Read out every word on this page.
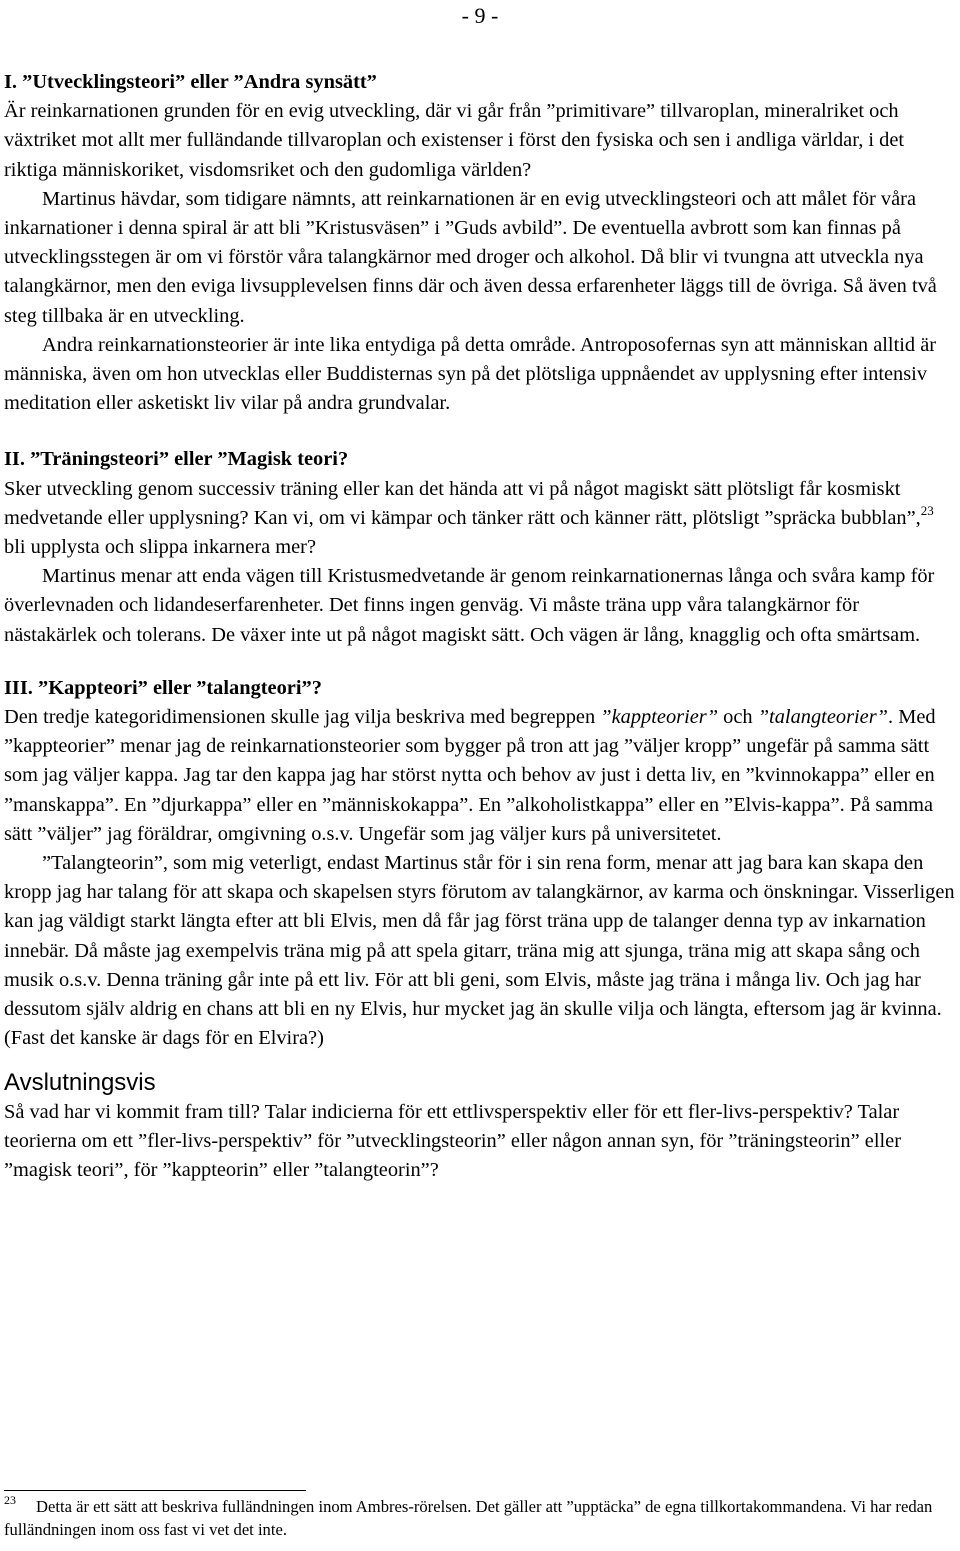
- 9 -

I. ”Utvecklingsteori” eller ”Andra synsätt”

Är reinkarnationen grunden för en evig utveckling, där vi går från ”primitivare” tillvaroplan, mineralriket och växtriket mot allt mer fulländande tillvaroplan och existenser i först den fysiska och sen i andliga världar, i det riktiga människoriket, visdomsriket och den gudomliga världen?

Martinus hävdar, som tidigare nämnts, att reinkarnationen är en evig utvecklingsteori och att målet för våra inkarnationer i denna spiral är att bli ”Kristusväsen” i ”Guds avbild”. De eventuella avbrott som kan finnas på utvecklingsstegen är om vi förstör våra talangkärnor med droger och alkohol. Då blir vi tvungna att utveckla nya talangkärnor, men den eviga livsupplevelsen finns där och även dessa erfarenheter läggs till de övriga. Så även två steg tillbaka är en utveckling.

Andra reinkarnationsteorier är inte lika entydiga på detta område. Antroposofernas syn att människan alltid är människa, även om hon utvecklas eller Buddisternas syn på det plötsliga uppnåendet av upplysning efter intensiv meditation eller asketiskt liv vilar på andra grundvalar.

II. ”Träningsteori” eller ”Magisk teori?

Sker utveckling genom successiv träning eller kan det hända att vi på något magiskt sätt plötsligt får kosmiskt medvetande eller upplysning? Kan vi, om vi kämpar och tänker rätt och känner rätt, plötsligt ”spräcka bubblan”,$^{23}$ bli upplysta och slippa inkarnera mer?

Martinus menar att enda vägen till Kristusmedvetande är genom reinkarnationernas långa och svåra kamp för överlevnaden och lidandeserfarenheter. Det finns ingen genväg. Vi måste träna upp våra talangkärnor för nästakärlek och tolerans. De växer inte ut på något magiskt sätt. Och vägen är lång, knagglig och ofta smärtsam.

III. ”Kappteori” eller ”talangteori”?

Den tredje kategoridimensionen skulle jag vilja beskriva med begreppen ”kappteorier” och ”talangteorier”. Med ”kappteorier” menar jag de reinkarnationsteorier som bygger på tron att jag ”väljer kropp” ungefär på samma sätt som jag väljer kappa. Jag tar den kappa jag har störst nytta och behov av just i detta liv, en ”kvinnokappa” eller en ”manskappa”. En ”djurkappa” eller en ”människokappa”. En ”alkoholistkappa” eller en ”Elvis-kappa”. På samma sätt ”väljer” jag föräldrar, omgivning o.s.v. Ungefär som jag väljer kurs på universitetet.

”Talangteorin”, som mig veterligt, endast Martinus står för i sin rena form, menar att jag bara kan skapa den kropp jag har talang för att skapa och skapelsen styrs förutom av talangkärnor, av karma och önskningar. Visserligen kan jag väldigt starkt längta efter att bli Elvis, men då får jag först träna upp de talanger denna typ av inkarnation innebär. Då måste jag exempelvis träna mig på att spela gitarr, träna mig att sjunga, träna mig att skapa sång och musik o.s.v. Denna träning går inte på ett liv. För att bli geni, som Elvis, måste jag träna i många liv. Och jag har dessutom själv aldrig en chans att bli en ny Elvis, hur mycket jag än skulle vilja och längta, eftersom jag är kvinna. (Fast det kanske är dags för en Elvira?)

Avslutningsvis

Så vad har vi kommit fram till? Talar indicierna för ett ettlivsperspektiv eller för ett fler-livs-perspektiv? Talar teorierna om ett ”fler-livs-perspektiv” för ”utvecklingsteorin” eller någon annan syn, för ”träningsteorin” eller ”magisk teori”, för ”kappteorin” eller ”talangteorin”?

$^{23}$ Detta är ett sätt att beskriva fulländningen inom Ambres-rörelsen. Det gäller att ”upptäcka” de egna tillkortakommandena. Vi har redan fulländningen inom oss fast vi vet det inte.
